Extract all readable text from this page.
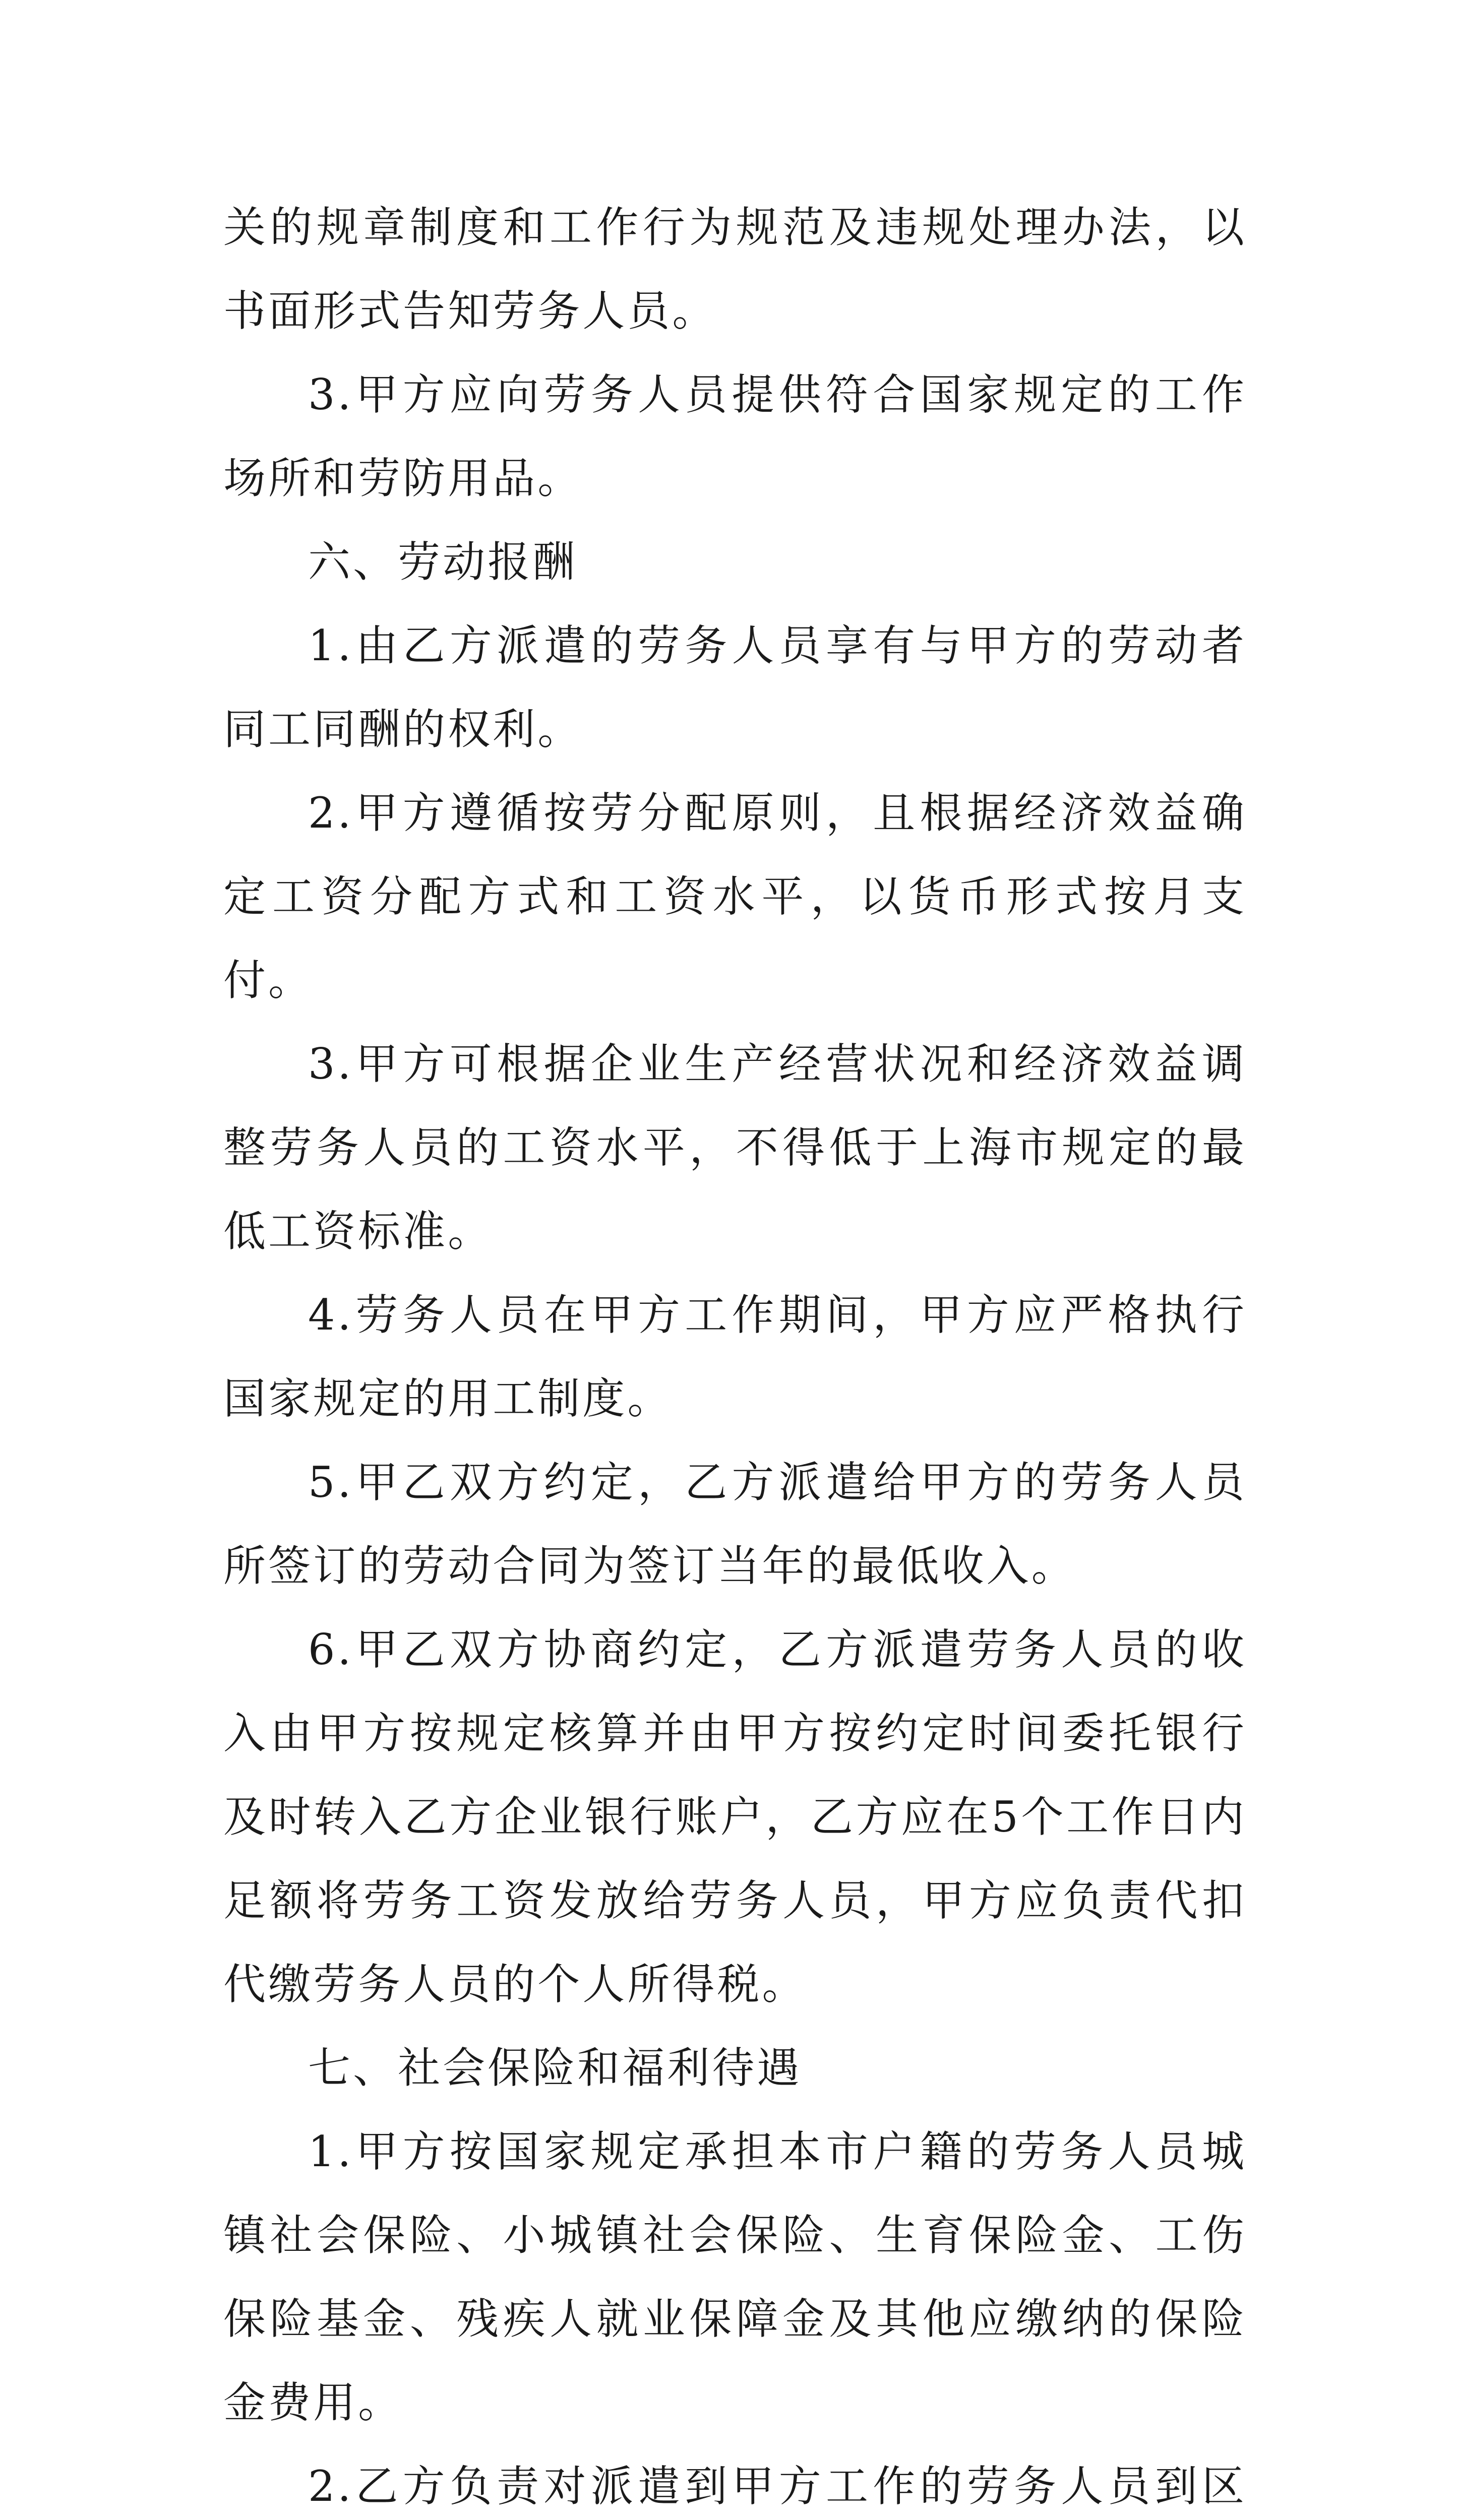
关的规章制度和工作行为规范及违规处理办法，以书面形式告知劳务人员。

3.甲方应向劳务人员提供符合国家规定的工作场所和劳防用品。

六、劳动报酬

1.由乙方派遣的劳务人员享有与甲方的劳动者同工同酬的权利。

2.甲方遵循按劳分配原则，且根据经济效益确定工资分配方式和工资水平，以货币形式按月支付。

3.甲方可根据企业生产经营状况和经济效益调整劳务人员的工资水平，不得低于上海市规定的最低工资标准。

4.劳务人员在甲方工作期间，甲方应严格执行国家规定的用工制度。

5.甲乙双方约定，乙方派遣给甲方的劳务人员所签订的劳动合同为签订当年的最低收入。

6.甲乙双方协商约定，乙方派遣劳务人员的收入由甲方按规定核算并由甲方按约定时间委托银行及时转入乙方企业银行账户，乙方应在5个工作日内足额将劳务工资发放给劳务人员，甲方应负责代扣代缴劳务人员的个人所得税。

七、社会保险和福利待遇

1.甲方按国家规定承担本市户籍的劳务人员城镇社会保险、小城镇社会保险、生育保险金、工伤保险基金、残疾人就业保障金及其他应缴纳的保险金费用。

2.乙方负责对派遣到甲方工作的劳务人员到区
